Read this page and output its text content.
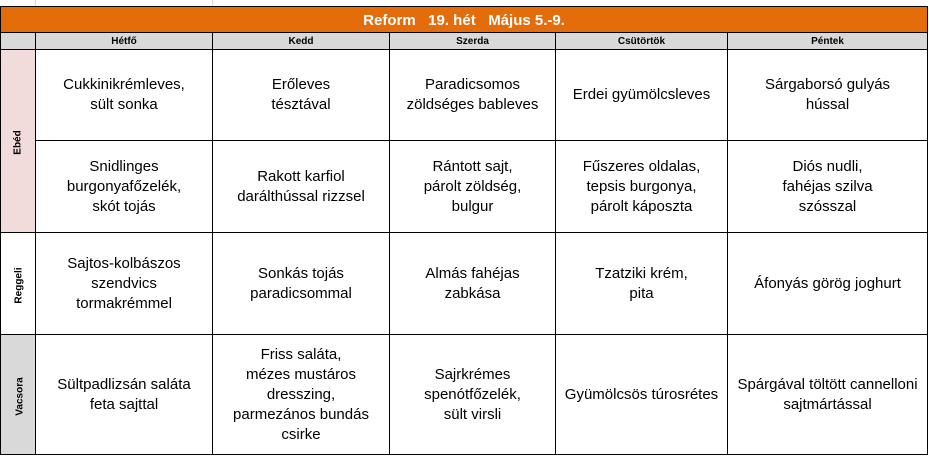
Reform   19. hét   Május 5.-9.					
	Hétfő	Kedd	Szerda	Csütörtök	Péntek
Ebéd	Cukkinikrémleves,
sült sonka	Erőleves
tésztával	Paradicsomos
zöldséges bableves	Erdei gyümölcsleves	Sárgaborsó gulyás
hússal

	Snidlinges
burgonyafőzelék,
skót tojás	Rakott karfiol
darálthússal rizzsel	Rántott sajt,
párolt zöldség,
bulgur	Fűszeres oldalas,
tepsis burgonya,
párolt káposzta	Diós nudli,
fahéjas szilva
szósszal

Reggeli	Sajtos-kolbászos
szendvics
tormakrémmel	Sonkás tojás
paradicsommal	Almás fahéjas
zabkása	Tzatziki krém,
pita	Áfonyás görög joghurt

Vacsora	Sültpadlizsán saláta
feta sajttal	Friss saláta,
mézes mustáros
dresszing,
parmezános bundás
csirke	Sajrkrémes
spenótfőzelék,
sült virsli	Gyümölcsös túrosrétes	Spárgával töltött cannelloni
sajtmártással
